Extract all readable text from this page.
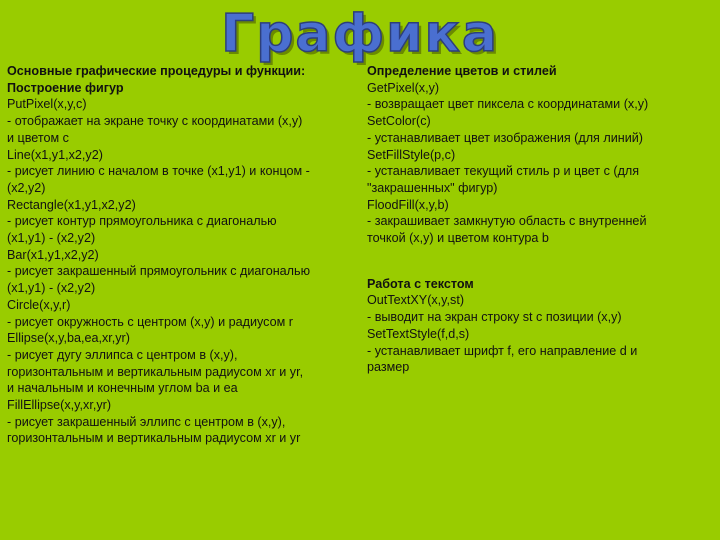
Графика
Основные графические процедуры и функции:
Построение фигур
PutPixel(x,y,c)
- отображает на экране точку с координатами (x,y)
и цветом c
Line(x1,y1,x2,y2)
- рисует линию с началом в точке (x1,y1) и концом -
(x2,y2)
Rectangle(x1,y1,x2,y2)
- рисует контур прямоугольника с диагональю
(x1,y1) - (x2,y2)
Bar(x1,y1,x2,y2)
- рисует закрашенный прямоугольник с диагональю
(x1,y1) - (x2,y2)
Circle(x,y,r)
- рисует окружность с центром (x,y) и радиусом r
Ellipse(x,y,ba,ea,xr,yr)
- рисует дугу эллипса с центром в (x,y),
горизонтальным и вертикальным радиусом xr и yr,
и начальным и конечным углом ba и ea
FillEllipse(x,y,xr,yr)
- рисует закрашенный эллипс с центром в (x,y),
горизонтальным и вертикальным радиусом xr и yr
Определение цветов и стилей
GetPixel(x,y)
- возвращает цвет пиксела с координатами (x,y)
SetColor(c)
- устанавливает цвет изображения (для линий)
SetFillStyle(p,c)
- устанавливает текущий стиль p и цвет c (для
"закрашенных" фигур)
FloodFill(x,y,b)
- закрашивает замкнутую область с внутренней
точкой (x,y) и цветом контура b
Работа с текстом
OutTextXY(x,y,st)
- выводит на экран строку st с позиции (x,y)
SetTextStyle(f,d,s)
- устанавливает шрифт f, его направление d и
размер
